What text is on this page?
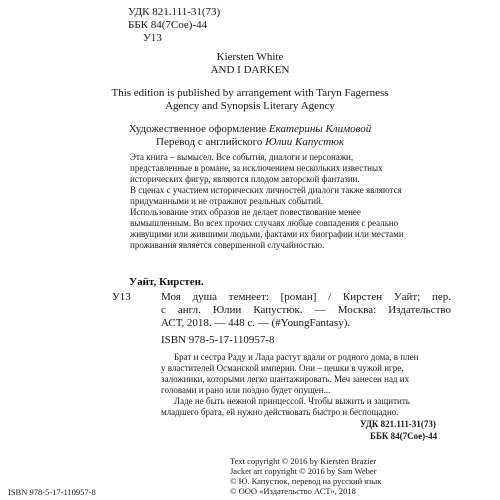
УДК 821.111-31(73)
ББК 84(7Сое)-44
У13
Kiersten White
AND I DARKEN
This edition is published by arrangement with Taryn Fagerness
Agency and Synopsis Literary Agency
Художественное оформление Екатерины Климовой
Перевод с английского Юлии Капустюк
Эта книга – вымысел. Все события, диалоги и персонажи,
представленные в романе, за исключением нескольких известных
исторических фигур, являются плодом авторской фантазии.
В сценах с участием исторических личностей диалоги также являются
придуманными и не отражают реальных событий.
Использование этих образов не делает повествование менее
вымышленным. Во всех прочих случаях любые совпадения с реально
живущими или жившими людьми, фактами их биографии или местами
проживания является совершенной случайностью.
Уайт, Кирстен.
У13	Моя душа темнеет: [роман] / Кирстен Уайт; пер.
с англ. Юлии Капустюк. — Москва: Издательство
АСТ, 2018. — 448 с. — (#YoungFantasy).
ISBN 978-5-17-110957-8
Брат и сестра Раду и Лада растут вдали от родного дома, в плен
у властителей Османской империи. Они – пешки в чужой игре,
заложники, которыми легко шантажировать. Меч занесен над их
головами и рано или поздно будет опущен...
Ладе не быть нежной принцессой. Чтобы выжить и защитить
младшего брата, ей нужно действовать быстро и беспощадно.
УДК 821.111-31(73)
ББК 84(7Сое)-44
Text copyright © 2016 by Kiersten Brazier
Jacket art copyright © 2016 by Sam Weber
© Ю. Капустюк, перевод на русский язык
© ООО «Издательство АСТ», 2018
ISBN 978-5-17-110957-8
